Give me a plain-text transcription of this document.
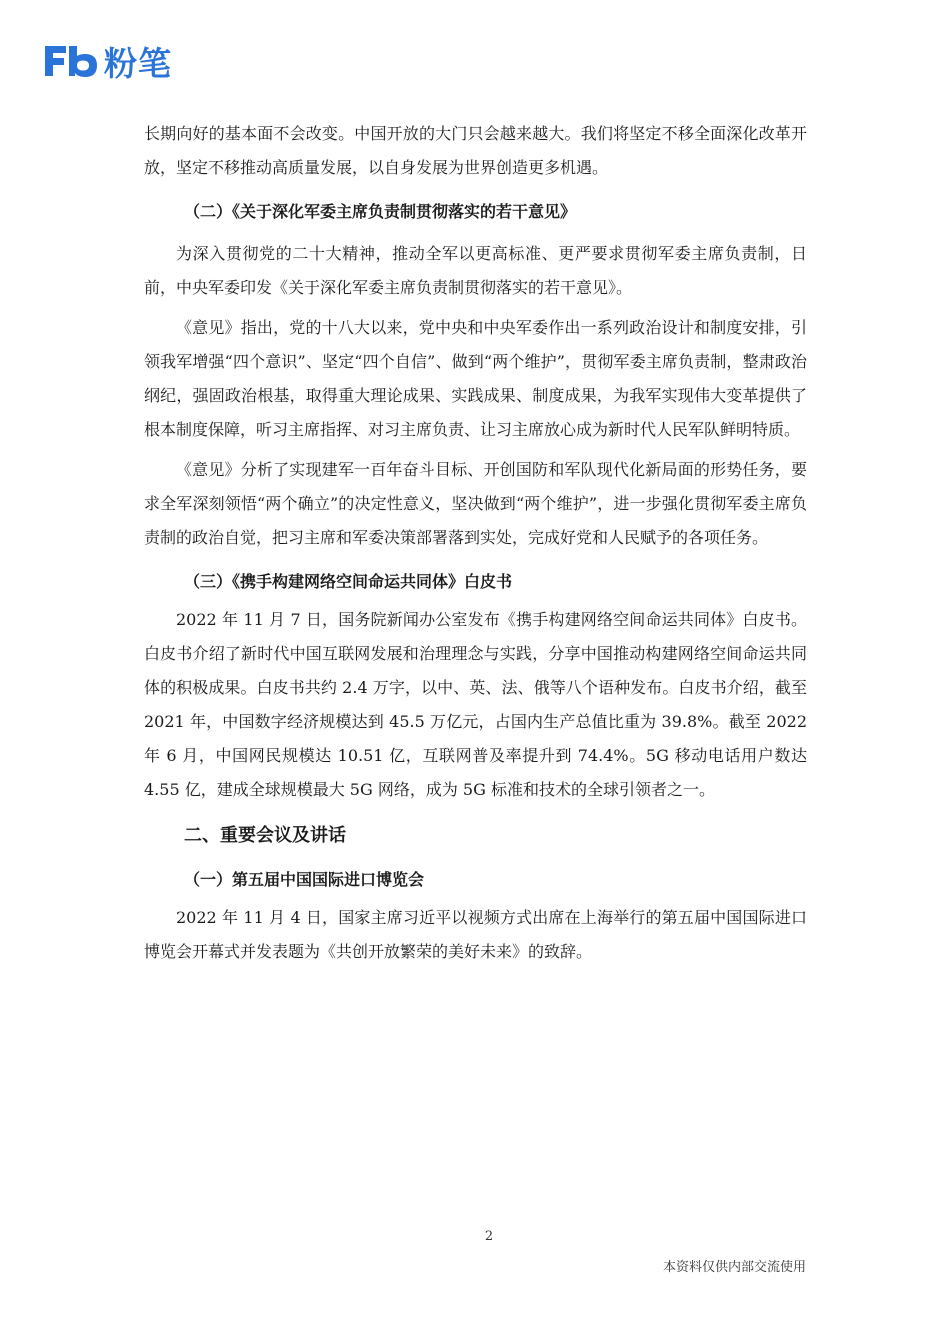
粉笔

长期向好的基本面不会改变。中国开放的大门只会越来越大。我们将坚定不移全面深化改革开放，坚定不移推动高质量发展，以自身发展为世界创造更多机遇。

（二）《关于深化军委主席负责制贯彻落实的若干意见》

为深入贯彻党的二十大精神，推动全军以更高标准、更严要求贯彻军委主席负责制，日前，中央军委印发《关于深化军委主席负责制贯彻落实的若干意见》。

《意见》指出，党的十八大以来，党中央和中央军委作出一系列政治设计和制度安排，引领我军增强“四个意识”、坚定“四个自信”、做到“两个维护”，贯彻军委主席负责制，整肃政治纲纪，强固政治根基，取得重大理论成果、实践成果、制度成果，为我军实现伟大变革提供了根本制度保障，听习主席指挥、对习主席负责、让习主席放心成为新时代人民军队鲜明特质。

《意见》分析了实现建军一百年奋斗目标、开创国防和军队现代化新局面的形势任务，要求全军深刻领悟“两个确立”的决定性意义，坚决做到“两个维护”，进一步强化贯彻军委主席负责制的政治自觉，把习主席和军委决策部署落到实处，完成好党和人民赋予的各项任务。

（三）《携手构建网络空间命运共同体》白皮书

2022 年 11 月 7 日，国务院新闻办公室发布《携手构建网络空间命运共同体》白皮书。白皮书介绍了新时代中国互联网发展和治理理念与实践，分享中国推动构建网络空间命运共同体的积极成果。白皮书共约 2.4 万字，以中、英、法、俄等八个语种发布。白皮书介绍，截至 2021 年，中国数字经济规模达到 45.5 万亿元，占国内生产总值比重为 39.8%。截至 2022 年 6 月，中国网民规模达 10.51 亿，互联网普及率提升到 74.4%。5G 移动电话用户数达 4.55 亿，建成全球规模最大 5G 网络，成为 5G 标准和技术的全球引领者之一。

二、重要会议及讲话

（一）第五届中国国际进口博览会

2022 年 11 月 4 日，国家主席习近平以视频方式出席在上海举行的第五届中国国际进口博览会开幕式并发表题为《共创开放繁荣的美好未来》的致辞。

2
本资料仅供内部交流使用
